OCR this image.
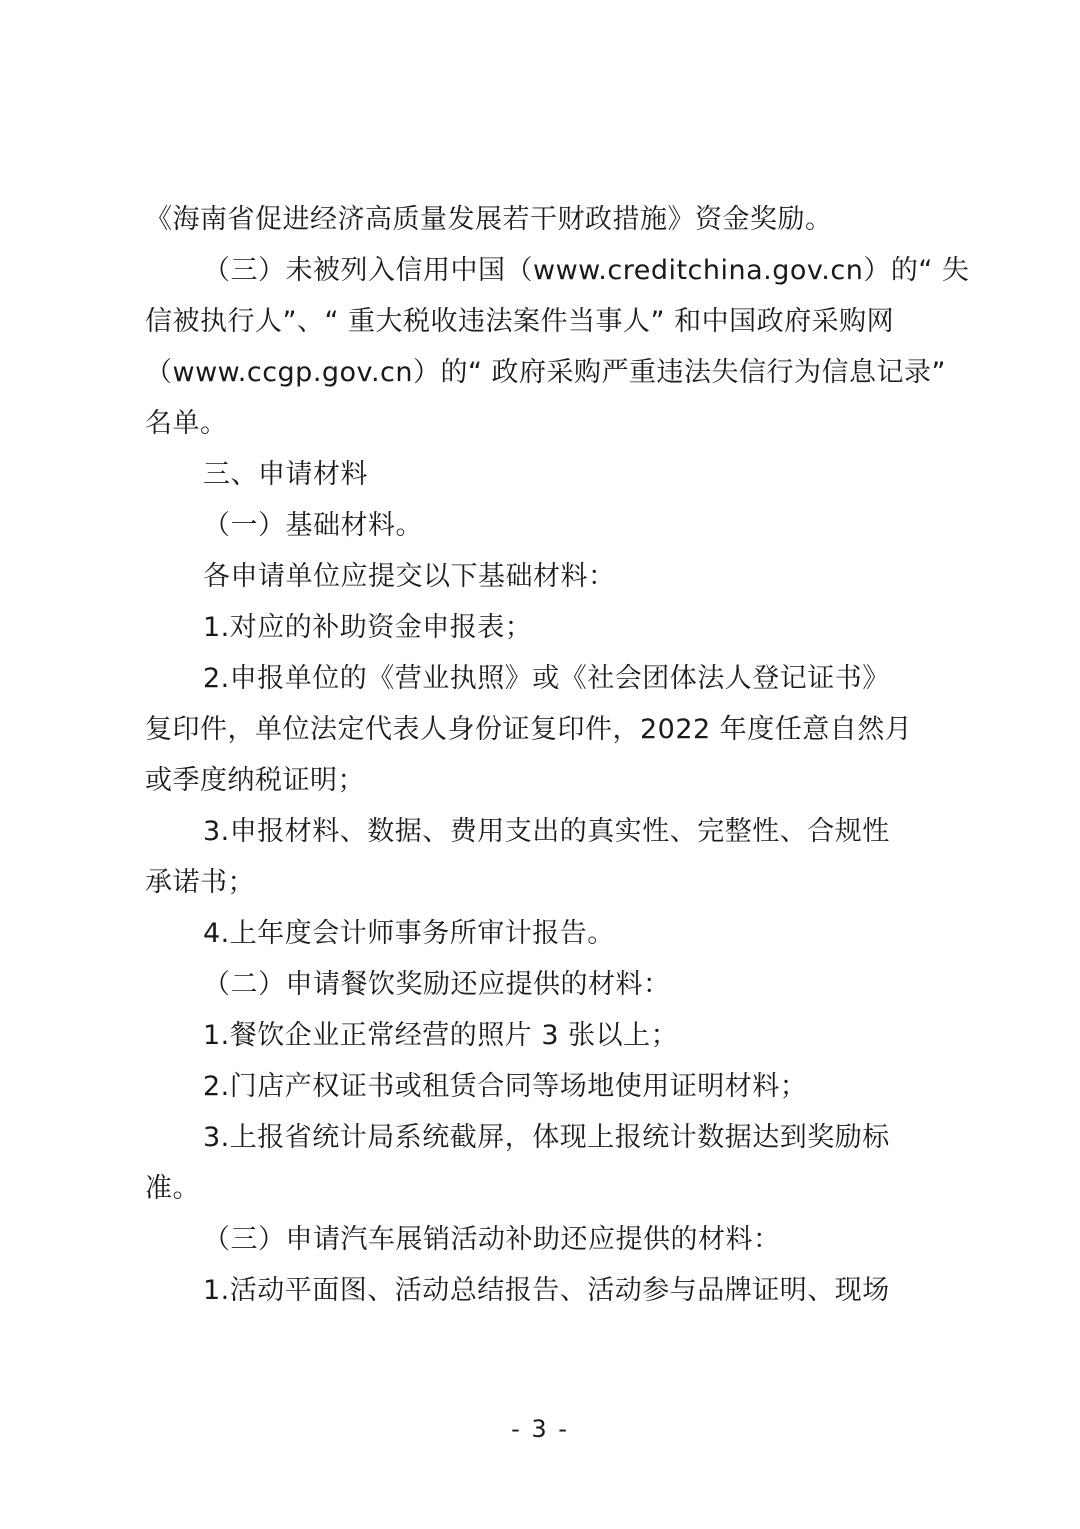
《海南省促进经济高质量发展若干财政措施》资金奖励。
（三）未被列入信用中国（www.creditchina.gov.cn）的“ 失
信被执行人”、“ 重大税收违法案件当事人” 和中国政府采购网
（www.ccgp.gov.cn）的“ 政府采购严重违法失信行为信息记录”
名单。
三、申请材料
（一）基础材料。
各申请单位应提交以下基础材料：
1.对应的补助资金申报表；
2.申报单位的《营业执照》或《社会团体法人登记证书》
复印件，单位法定代表人身份证复印件，2022 年度任意自然月
或季度纳税证明；
3.申报材料、数据、费用支出的真实性、完整性、合规性
承诺书；
4.上年度会计师事务所审计报告。
（二）申请餐饮奖励还应提供的材料：
1.餐饮企业正常经营的照片 3 张以上；
2.门店产权证书或租赁合同等场地使用证明材料；
3.上报省统计局系统截屏，体现上报统计数据达到奖励标
准。
（三）申请汽车展销活动补助还应提供的材料：
1.活动平面图、活动总结报告、活动参与品牌证明、现场
- 3 -
